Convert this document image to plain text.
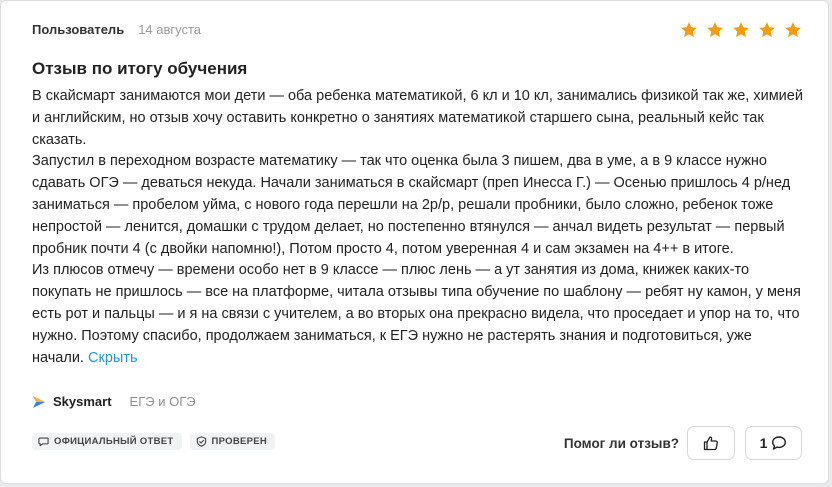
Пользователь 14 августа
Отзыв по итогу обучения

В скайсмарт занимаются мои дети — оба ребенка математикой, 6 кл и 10 кл, занимались физикой так же, химией и английским, но отзыв хочу оставить конкретно о занятиях математикой старшего сына, реальный кейс так сказать.

Запустил в переходном возрасте математику — так что оценка была 3 пишем, два в уме, а в 9 классе нужно сдавать ОГЭ — деваться некуда. Начали заниматься в скайсмарт (преп Инесса Г.) — Осенью пришлось 4 р/нед заниматься — пробелом уйма, с нового года перешли на 2р/р, решали пробники, было сложно, ребенок тоже непростой — ленится, домашки с трудом делает, но постепенно втянулся — анчал видеть результат — первый пробник почти 4 (с двойки напомню!), Потом просто 4, потом уверенная 4 и сам экзамен на 4++ в итоге.

Из плюсов отмечу — времени особо нет в 9 классе — плюс лень — а ут занятия из дома, книжек каких-то покупать не пришлось — все на платформе, читала отзывы типа обучение по шаблону — ребят ну камон, у меня есть рот и пальцы — и я на связи с учителем, а во вторых она прекрасно видела, что проседает и упор на то, что нужно. Поэтому спасибо, продолжаем заниматься, к ЕГЭ нужно не растерять знания и подготовиться, уже начали. Скрыть

Skysmart ЕГЭ и ОГЭ
ОФИЦИАЛЬНЫЙ ОТВЕТ	ПРОВЕРЕН	Помог ли отзыв?	1
